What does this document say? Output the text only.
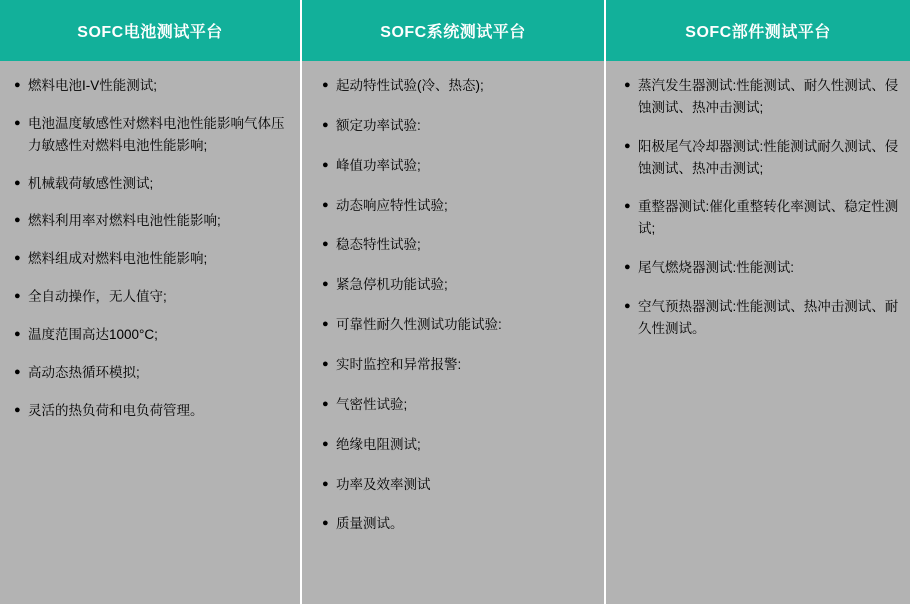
SOFC电池测试平台	SOFC系统测试平台	SOFC部件测试平台
● 燃料电池I-V性能测试;
● 电池温度敏感性对燃料电池性能影响气体压力敏感性对燃料电池性能影响;
● 机械载荷敏感性测试;
● 燃料利用率对燃料电池性能影响;
● 燃料组成对燃料电池性能影响;
● 全自动操作，无人值守;
● 温度范围高达1000°C;
● 高动态热循环模拟;
● 灵活的热负荷和电负荷管理。
● 起动特性试验(冷、热态);
● 额定功率试验:
● 峰值功率试验;
● 动态响应特性试验;
● 稳态特性试验;
● 紧急停机功能试验;
● 可靠性耐久性测试功能试验:
● 实时监控和异常报警:
● 气密性试验;
● 绝缘电阻测试;
● 功率及效率测试
● 质量测试。
● 蒸汽发生器测试:性能测试、耐久性测试、侵蚀测试、热冲击测试;
● 阳极尾气冷却器测试:性能测试耐久测试、侵蚀测试、热冲击测试;
● 重整器测试:催化重整转化率测试、稳定性测试;
● 尾气燃烧器测试:性能测试:
● 空气预热器测试:性能测试、热冲击测试、耐久性测试。
